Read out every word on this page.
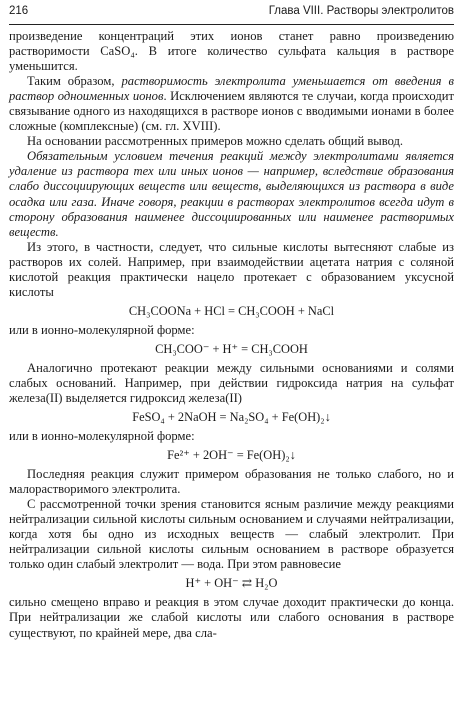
216	Глава VIII. Растворы электролитов

произведение концентраций этих ионов станет равно произведению растворимости CaSO₄. В итоге количество сульфата кальция в растворе уменьшится.

Таким образом, растворимость электролита уменьшается от введения в раствор одноименных ионов. Исключением являются те случаи, когда происходит связывание одного из находящихся в растворе ионов с вводимыми ионами в более сложные (комплексные) (см. гл. XVIII).

На основании рассмотренных примеров можно сделать общий вывод.

Обязательным условием течения реакций между электролитами является удаление из раствора тех или иных ионов — например, вследствие образования слабо диссоциирующих веществ или веществ, выделяющихся из раствора в виде осадка или газа. Иначе говоря, реакции в растворах электролитов всегда идут в сторону образования наименее диссоциированных или наименее растворимых веществ.

Из этого, в частности, следует, что сильные кислоты вытесняют слабые из растворов их солей. Например, при взаимодействии ацетата натрия с соляной кислотой реакция практически нацело протекает с образованием уксусной кислоты

CH₃COONa + HCl = CH₃COOH + NaCl

или в ионно-молекулярной форме:

CH₃COO⁻ + H⁺ = CH₃COOH

Аналогично протекают реакции между сильными основаниями и солями слабых оснований. Например, при действии гидроксида натрия на сульфат железа(II) выделяется гидроксид железа(II)

FeSO₄ + 2NaOH = Na₂SO₄ + Fe(OH)₂↓

или в ионно-молекулярной форме:

Fe²⁺ + 2OH⁻ = Fe(OH)₂↓

Последняя реакция служит примером образования не только слабого, но и малорастворимого электролита.

С рассмотренной точки зрения становится ясным различие между реакциями нейтрализации сильной кислоты сильным основанием и случаями нейтрализации, когда хотя бы одно из исходных веществ — слабый электролит. При нейтрализации сильной кислоты сильным основанием в растворе образуется только один слабый электролит — вода. При этом равновесие

H⁺ + OH⁻ ⇄ H₂O

сильно смещено вправо и реакция в этом случае доходит практически до конца. При нейтрализации же слабой кислоты или слабого основания в растворе существуют, по крайней мере, два сла-
